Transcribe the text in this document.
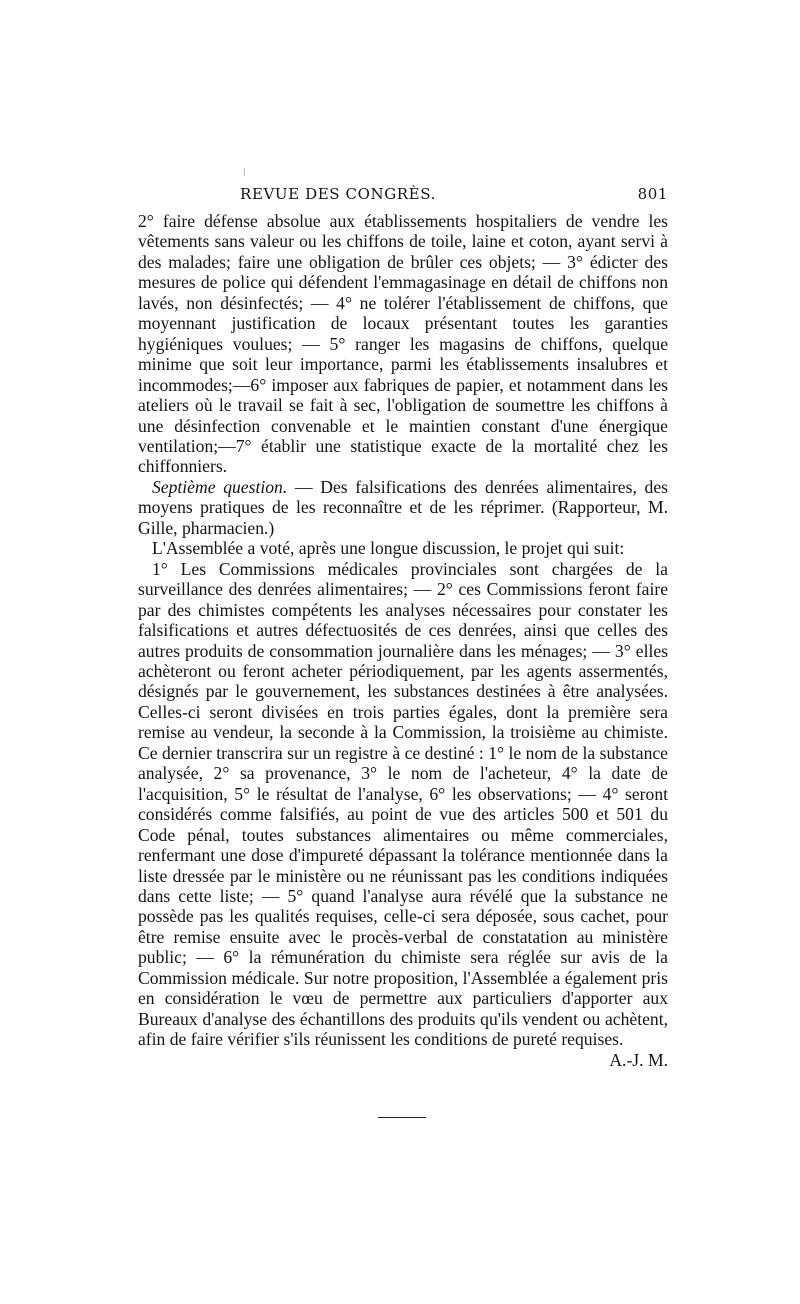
REVUE DES CONGRÈS.	801

2° faire défense absolue aux établissements hospitaliers de vendre les vêtements sans valeur ou les chiffons de toile, laine et coton, ayant servi à des malades; faire une obligation de brûler ces objets; — 3° édicter des mesures de police qui défendent l'emmagasinage en détail de chiffons non lavés, non désinfectés; — 4° ne tolérer l'établissement de chiffons, que moyennant justification de locaux présentant toutes les garanties hygiéniques voulues; — 5° ranger les magasins de chiffons, quelque minime que soit leur importance, parmi les établissements insalubres et incommodes;—6° imposer aux fabriques de papier, et notamment dans les ateliers où le travail se fait à sec, l'obligation de soumettre les chiffons à une désinfection convenable et le maintien constant d'une énergique ventilation;—7° établir une statistique exacte de la mortalité chez les chiffonniers.

Septième question. — Des falsifications des denrées alimentaires, des moyens pratiques de les reconnaître et de les réprimer. (Rapporteur, M. Gille, pharmacien.)

L'Assemblée a voté, après une longue discussion, le projet qui suit:

1° Les Commissions médicales provinciales sont chargées de la surveillance des denrées alimentaires; — 2° ces Commissions feront faire par des chimistes compétents les analyses nécessaires pour constater les falsifications et autres défectuosités de ces denrées, ainsi que celles des autres produits de consommation journalière dans les ménages; — 3° elles achèteront ou feront acheter périodiquement, par les agents assermentés, désignés par le gouvernement, les substances destinées à être analysées. Celles-ci seront divisées en trois parties égales, dont la première sera remise au vendeur, la seconde à la Commission, la troisième au chimiste. Ce dernier transcrira sur un registre à ce destiné : 1° le nom de la substance analysée, 2° sa provenance, 3° le nom de l'acheteur, 4° la date de l'acquisition, 5° le résultat de l'analyse, 6° les observations; — 4° seront considérés comme falsifiés, au point de vue des articles 500 et 501 du Code pénal, toutes substances alimentaires ou même commerciales, renfermant une dose d'impureté dépassant la tolérance mentionnée dans la liste dressée par le ministère ou ne réunissant pas les conditions indiquées dans cette liste; — 5° quand l'analyse aura révélé que la substance ne possède pas les qualités requises, celle-ci sera déposée, sous cachet, pour être remise ensuite avec le procès-verbal de constatation au ministère public; — 6° la rémunération du chimiste sera réglée sur avis de la Commission médicale. Sur notre proposition, l'Assemblée a également pris en considération le vœu de permettre aux particuliers d'apporter aux Bureaux d'analyse des échantillons des produits qu'ils vendent ou achètent, afin de faire vérifier s'ils réunissent les conditions de pureté requises.
A.-J. M.
